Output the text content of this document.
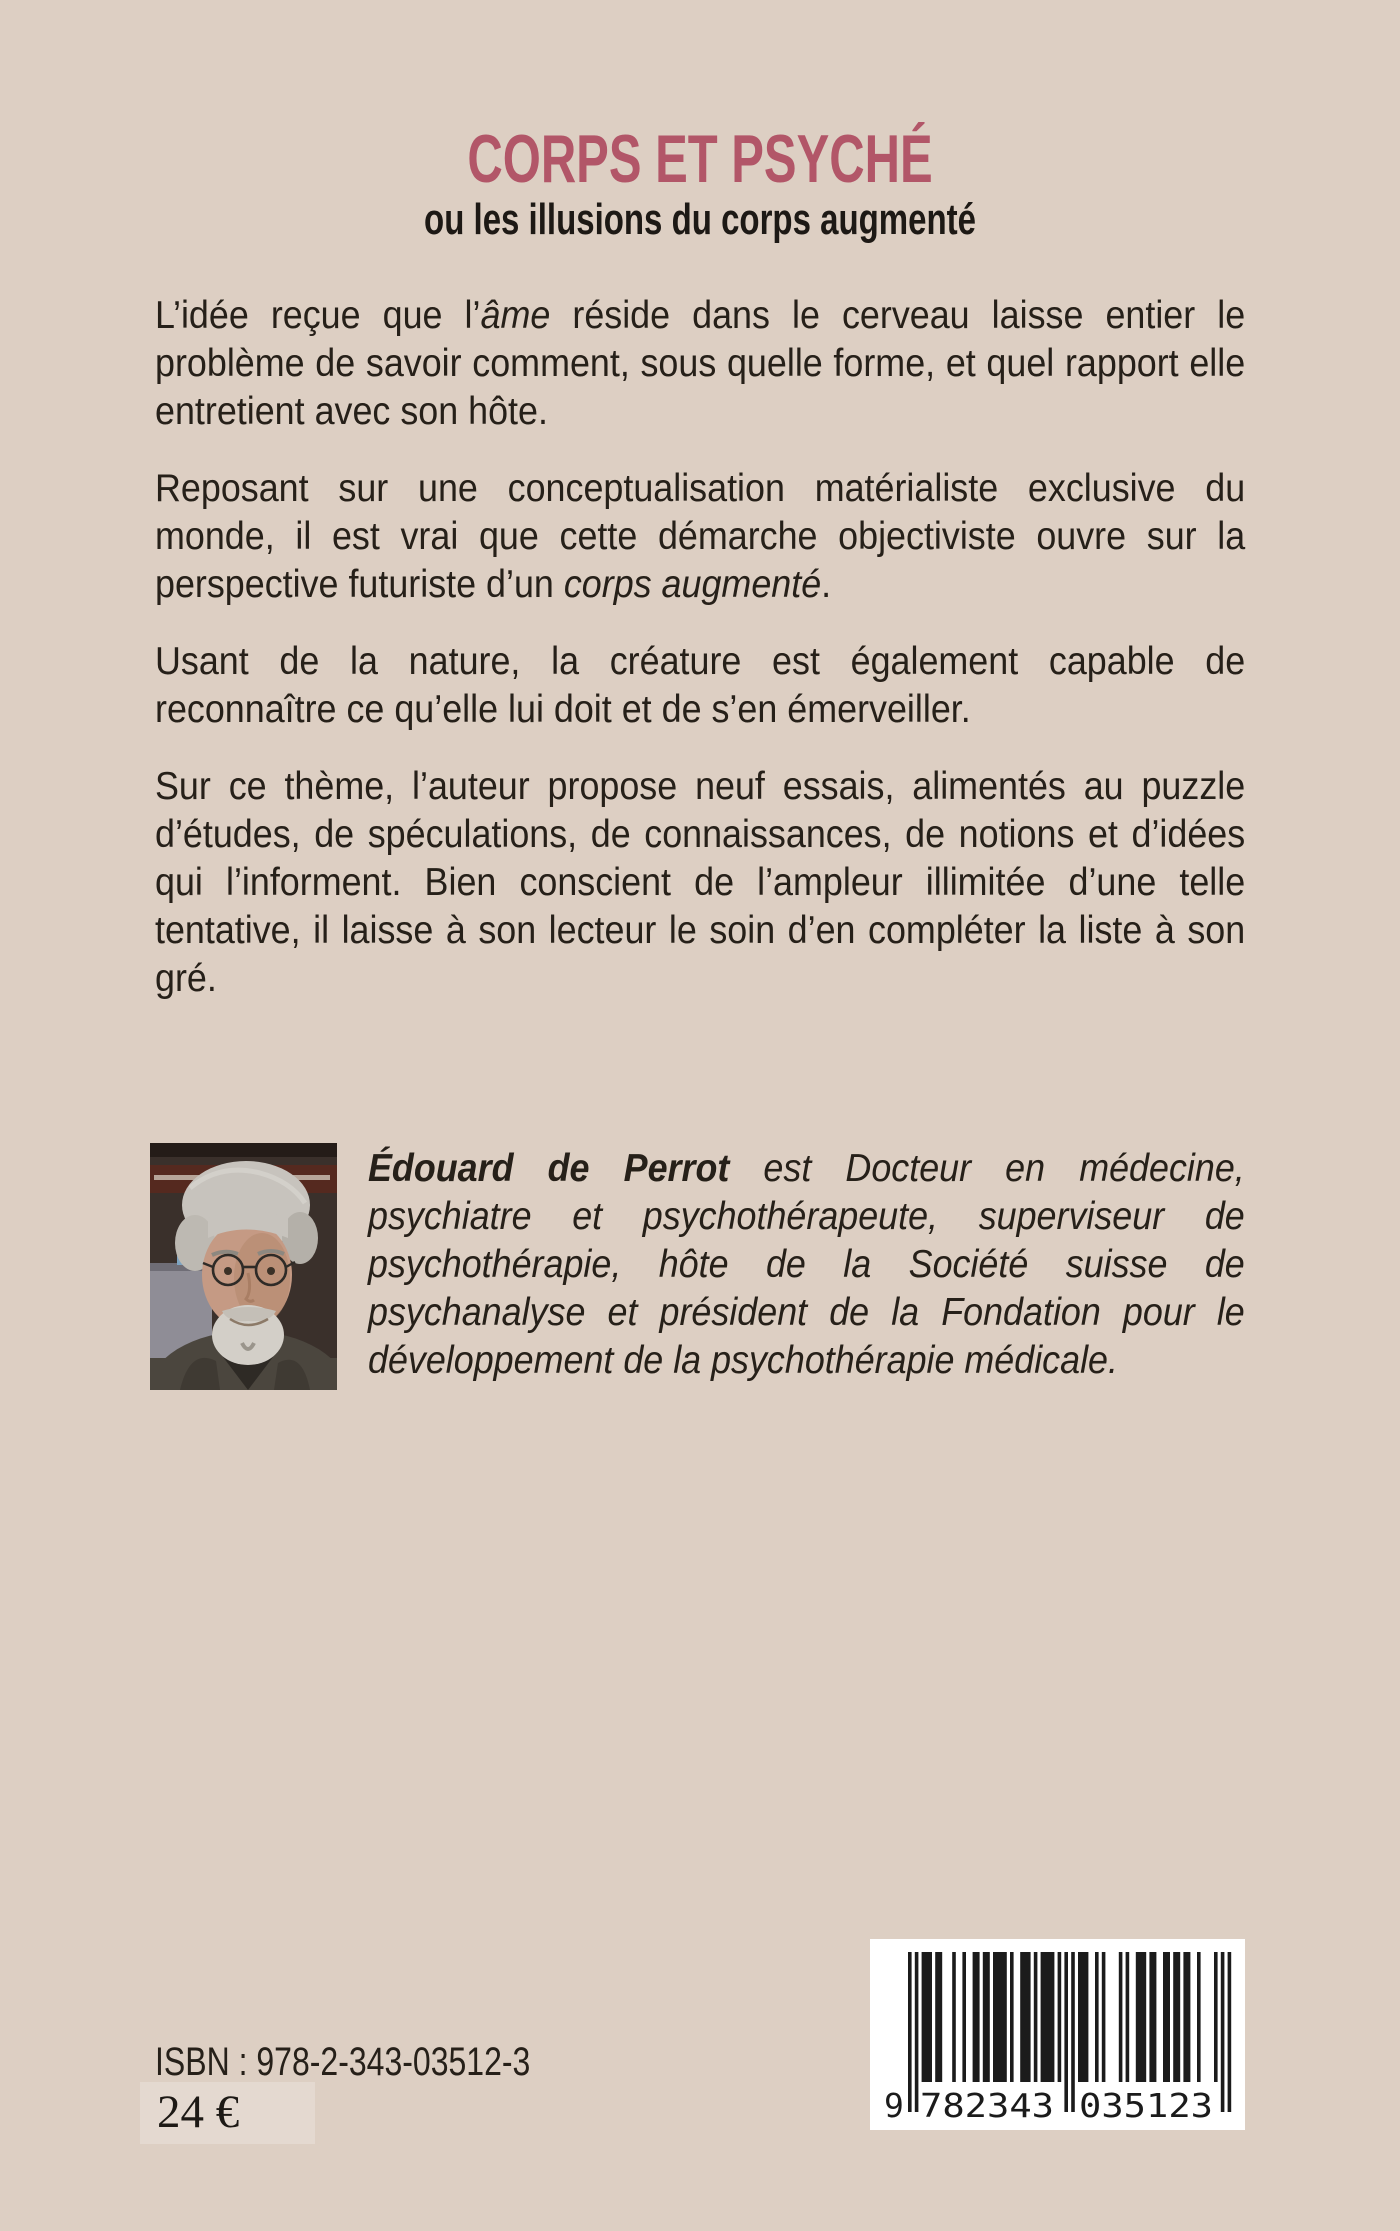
CORPS ET PSYCHÉ
ou les illusions du corps augmenté

L’idée reçue que l’âme réside dans le cerveau laisse entier le problème de savoir comment, sous quelle forme, et quel rapport elle entretient avec son hôte.

Reposant sur une conceptualisation matérialiste exclusive du monde, il est vrai que cette démarche objectiviste ouvre sur la perspective futuriste d’un corps augmenté.

Usant de la nature, la créature est également capable de reconnaître ce qu’elle lui doit et de s’en émerveiller.

Sur ce thème, l’auteur propose neuf essais, alimentés au puzzle d’études, de spéculations, de connaissances, de notions et d’idées qui l’informent. Bien conscient de l’ampleur illimitée d’une telle tentative, il laisse à son lecteur le soin d’en compléter la liste à son gré.

Édouard de Perrot est Docteur en médecine, psychiatre et psychothérapeute, superviseur de psychothérapie, hôte de la Société suisse de psychanalyse et président de la Fondation pour le développement de la psychothérapie médicale.
ISBN : 978-2-343-03512-3
24 €	9 782343 035123
